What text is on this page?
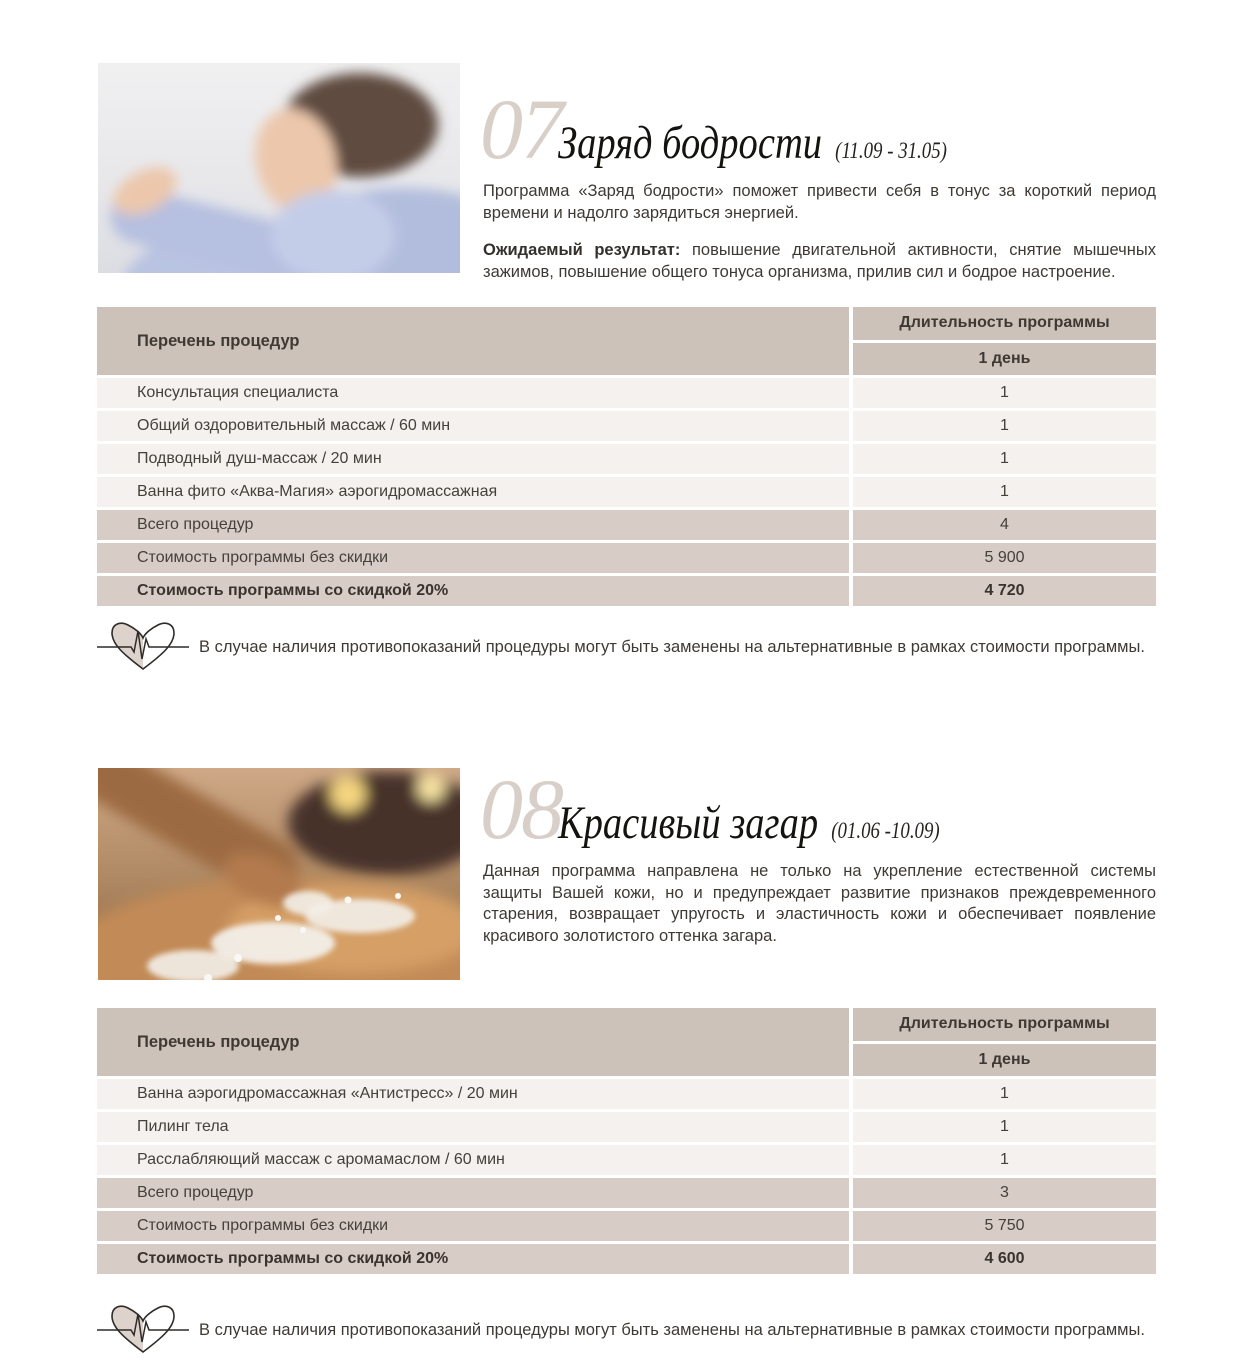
07
Заряд бодрости (11.09 - 31.05)

Программа «Заряд бодрости» поможет привести себя в тонус за короткий период времени и надолго зарядиться энергией.

Ожидаемый результат: повышение двигательной активности, снятие мышечных зажимов, повышение общего тонуса организма, прилив сил и бодрое настроение.

Перечень процедур
Длительность программы
1 день
Консультация специалиста	1
Общий оздоровительный массаж / 60 мин	1
Подводный душ-массаж / 20 мин	1
Ванна фито «Аква-Магия» аэрогидромассажная	1
Всего процедур	4
Стоимость программы без скидки	5 900
Стоимость программы со скидкой 20%	4 720
В случае наличия противопоказаний процедуры могут быть заменены на альтернативные в рамках стоимости программы.
08
Красивый загар (01.06 -10.09)

Данная программа направлена не только на укрепление естественной системы защиты Вашей кожи, но и предупреждает развитие признаков преждевременного старения, возвращает упругость и эластичность кожи и обеспечивает появление красивого золотистого оттенка загара.

Перечень процедур
Длительность программы
1 день
Ванна аэрогидромассажная «Антистресс» / 20 мин	1
Пилинг тела	1
Расслабляющий массаж с аромамаслом / 60 мин	1
Всего процедур	3
Стоимость программы без скидки	5 750
Стоимость программы со скидкой 20%	4 600
В случае наличия противопоказаний процедуры могут быть заменены на альтернативные в рамках стоимости программы.
